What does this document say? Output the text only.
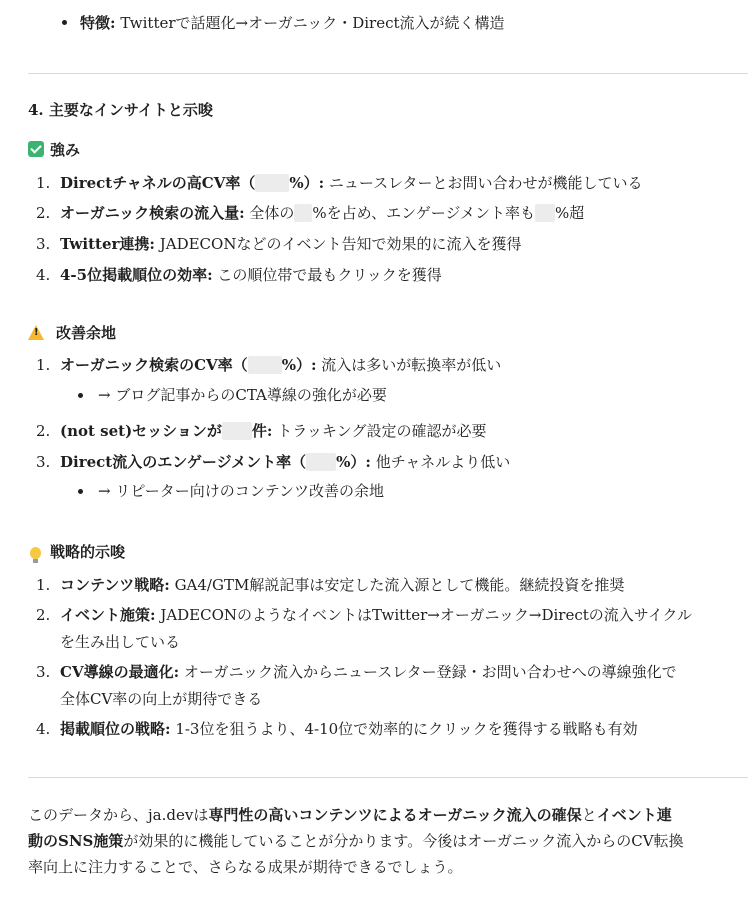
特徴: Twitterで話題化→オーガニック・Direct流入が続く構造
4. 主要なインサイトと示唆
強み
1. Directチャネルの高CV率（ %）: ニュースレターとお問い合わせが機能している
2. オーガニック検索の流入量: 全体の %を占め、エンゲージメント率も %超
3. Twitter連携: JADECONなどのイベント告知で効果的に流入を獲得
4. 4-5位掲載順位の効率: この順位帯で最もクリックを獲得
!改善余地
1. オーガニック検索のCV率（ %）: 流入は多いが転換率が低い
→ ブログ記事からのCTA導線の強化が必要
2. (not set)セッションが 件: トラッキング設定の確認が必要
3. Direct流入のエンゲージメント率（ %）: 他チャネルより低い
→ リピーター向けのコンテンツ改善の余地
戦略的示唆
1. コンテンツ戦略: GA4/GTM解説記事は安定した流入源として機能。継続投資を推奨
2. イベント施策: JADECONのようなイベントはTwitter→オーガニック→Directの流入サイクル
を生み出している
3. CV導線の最適化: オーガニック流入からニュースレター登録・お問い合わせへの導線強化で
全体CV率の向上が期待できる
4. 掲載順位の戦略: 1-3位を狙うより、4-10位で効率的にクリックを獲得する戦略も有効
このデータから、ja.devは専門性の高いコンテンツによるオーガニック流入の確保とイベント連
動のSNS施策が効果的に機能していることが分かります。今後はオーガニック流入からのCV転換
率向上に注力することで、さらなる成果が期待できるでしょう。
